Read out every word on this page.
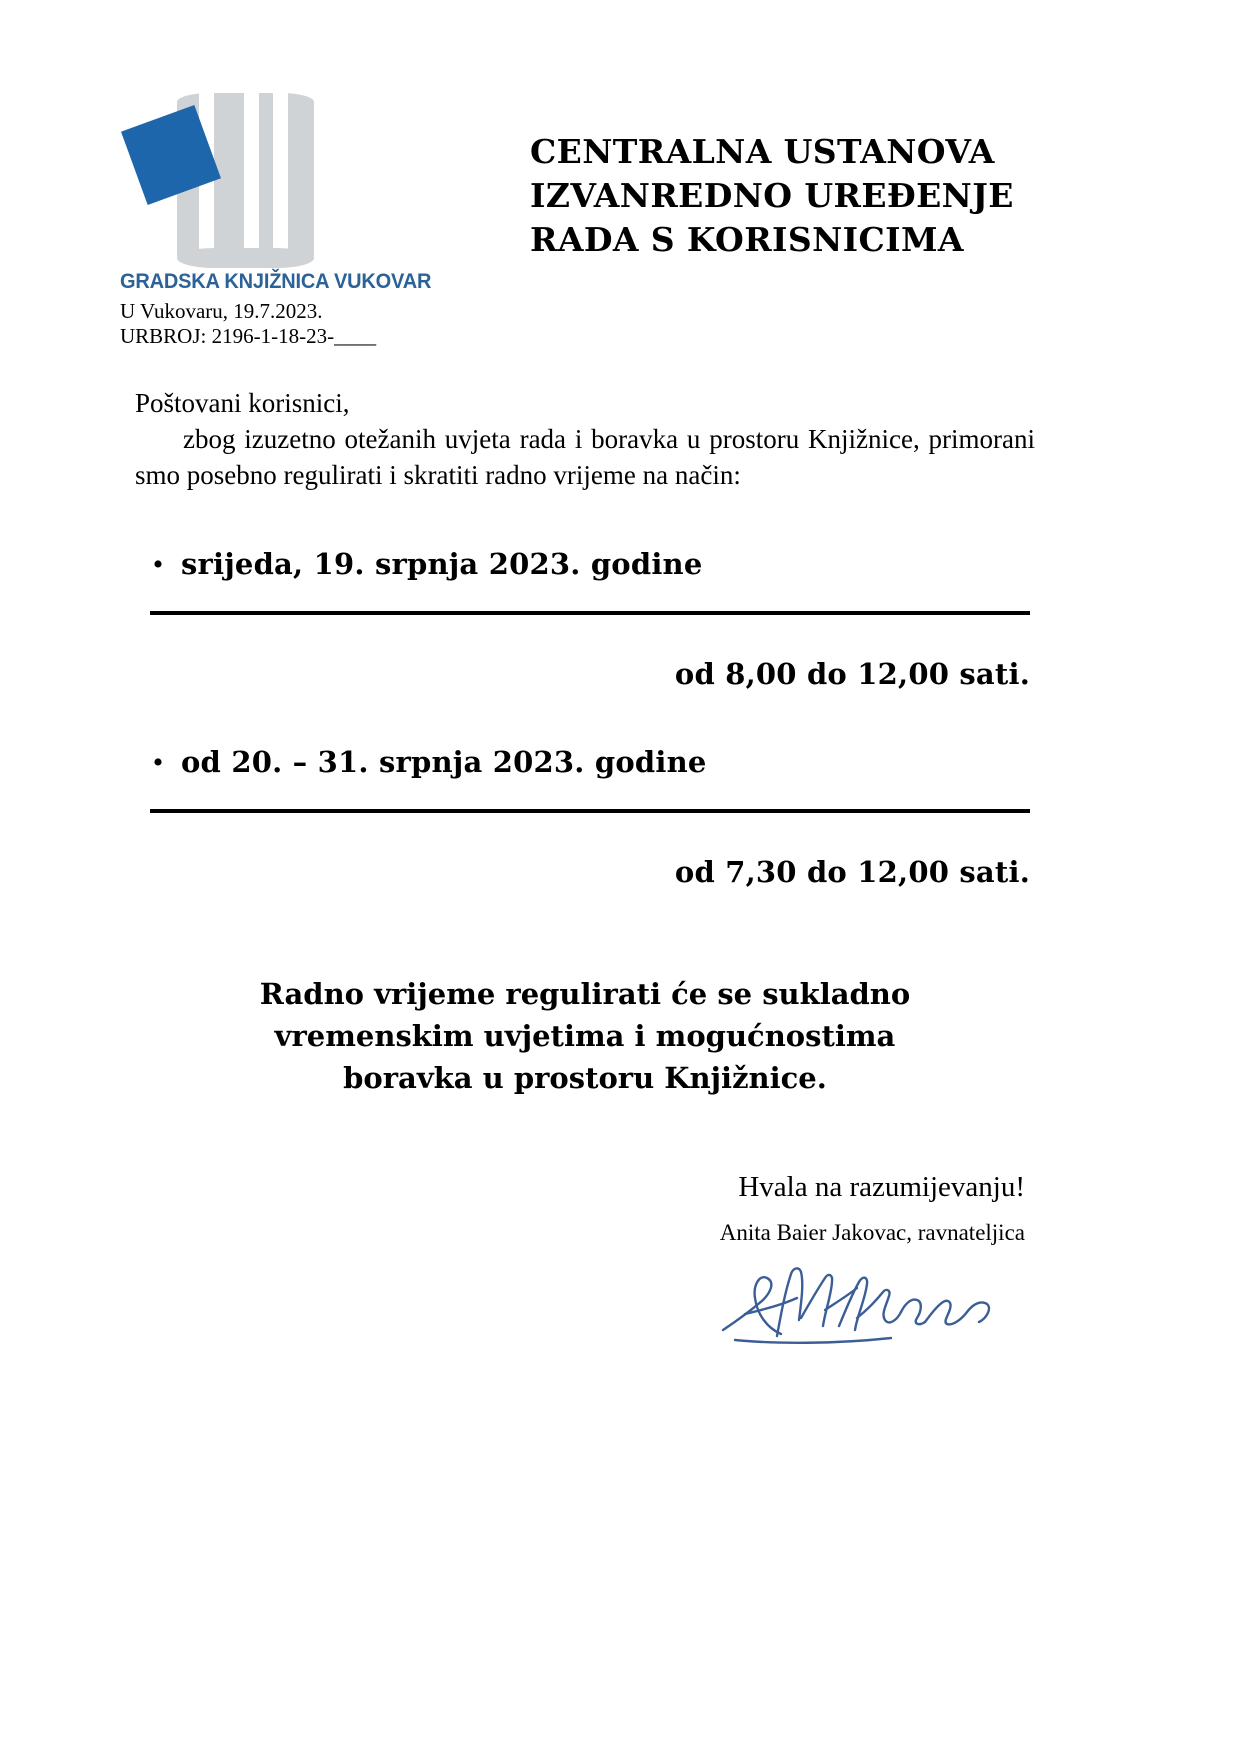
GRADSKA KNJIŽNICA VUKOVAR
U Vukovaru, 19.7.2023.
URBROJ: 2196-1-18-23-____
CENTRALNA USTANOVA
IZVANREDNO UREĐENJE
RADA S KORISNICIMA
Poštovani korisnici,
zbog izuzetno otežanih uvjeta rada i boravka u prostoru Knjižnice, primorani smo posebno regulirati i skratiti radno vrijeme na način:
• srijeda, 19. srpnja 2023. godine
od 8,00 do 12,00 sati.
• od 20. – 31. srpnja 2023. godine
od 7,30 do 12,00 sati.
Radno vrijeme regulirati će se sukladno
vremenskim uvjetima i mogućnostima
boravka u prostoru Knjižnice.
Hvala na razumijevanju!
Anita Baier Jakovac, ravnateljica
